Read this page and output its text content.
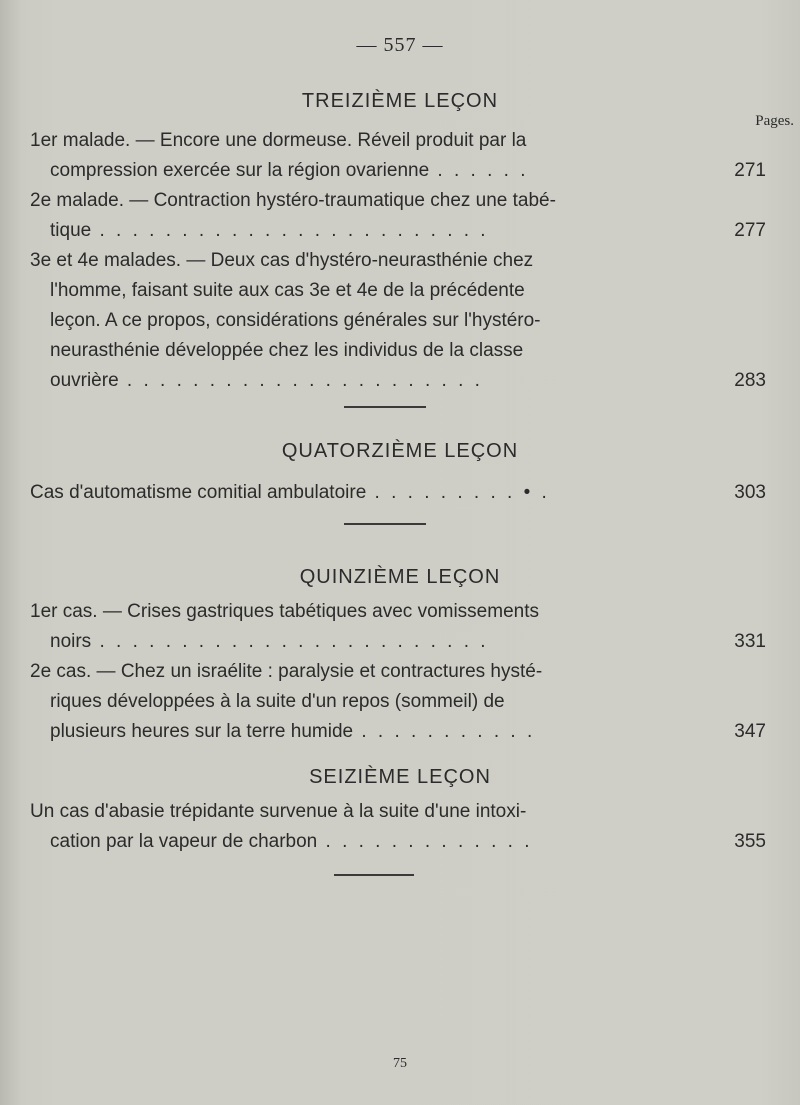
— 557 —
TREIZIÈME LEÇON
Pages.
1er malade. — Encore une dormeuse. Réveil produit par la
compression exercée sur la région ovarienne . . . . . .	271
2e malade. — Contraction hystéro-traumatique chez une tabé-
tique . . . . . . . . . . . . . . . . . . . . . . . .	277
3e et 4e malades. — Deux cas d'hystéro-neurasthénie chez
l'homme, faisant suite aux cas 3e et 4e de la précédente
leçon. A ce propos, considérations générales sur l'hystéro-
neurasthénie développée chez les individus de la classe
ouvrière . . . . . . . . . . . . . . . . . . . . . .	283
QUATORZIÈME LEÇON
Cas d'automatisme comitial ambulatoire . . . . . . . . . • .	303
QUINZIÈME LEÇON
1er cas. — Crises gastriques tabétiques avec vomissements
noirs . . . . . . . . . . . . . . . . . . . . . . . .	331
2e cas. — Chez un israélite : paralysie et contractures hysté-
riques développées à la suite d'un repos (sommeil) de
plusieurs heures sur la terre humide . . . . . . . . . . .	347
SEIZIÈME LEÇON
Un cas d'abasie trépidante survenue à la suite d'une intoxi-
cation par la vapeur de charbon . . . . . . . . . . . . .	355
75
